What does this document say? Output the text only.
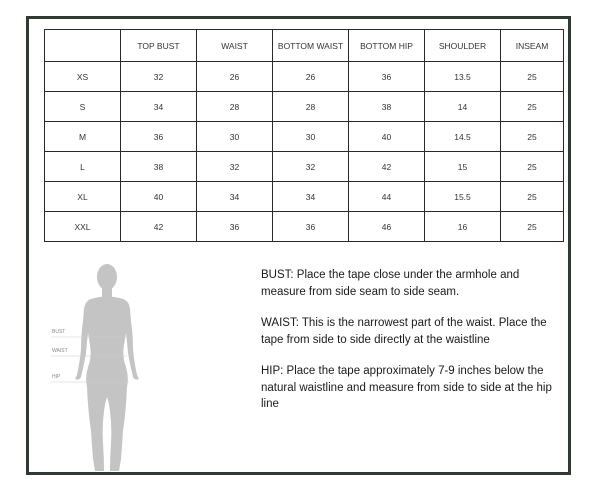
	TOP BUST	WAIST	BOTTOM WAIST	BOTTOM HIP	SHOULDER	INSEAM
XS	32	26	26	36	13.5	25
S	34	28	28	38	14	25
M	36	30	30	40	14.5	25
L	38	32	32	42	15	25
XL	40	34	34	44	15.5	25
XXL	42	36	36	46	16	25
BUST
WAIST
HIP

BUST: Place the tape close under the armhole and measure from side seam to side seam.

WAIST: This is the narrowest part of the waist. Place the tape from side to side directly at the waistline

HIP: Place the tape approximately 7-9 inches below the natural waistline and measure from side to side at the hip line
